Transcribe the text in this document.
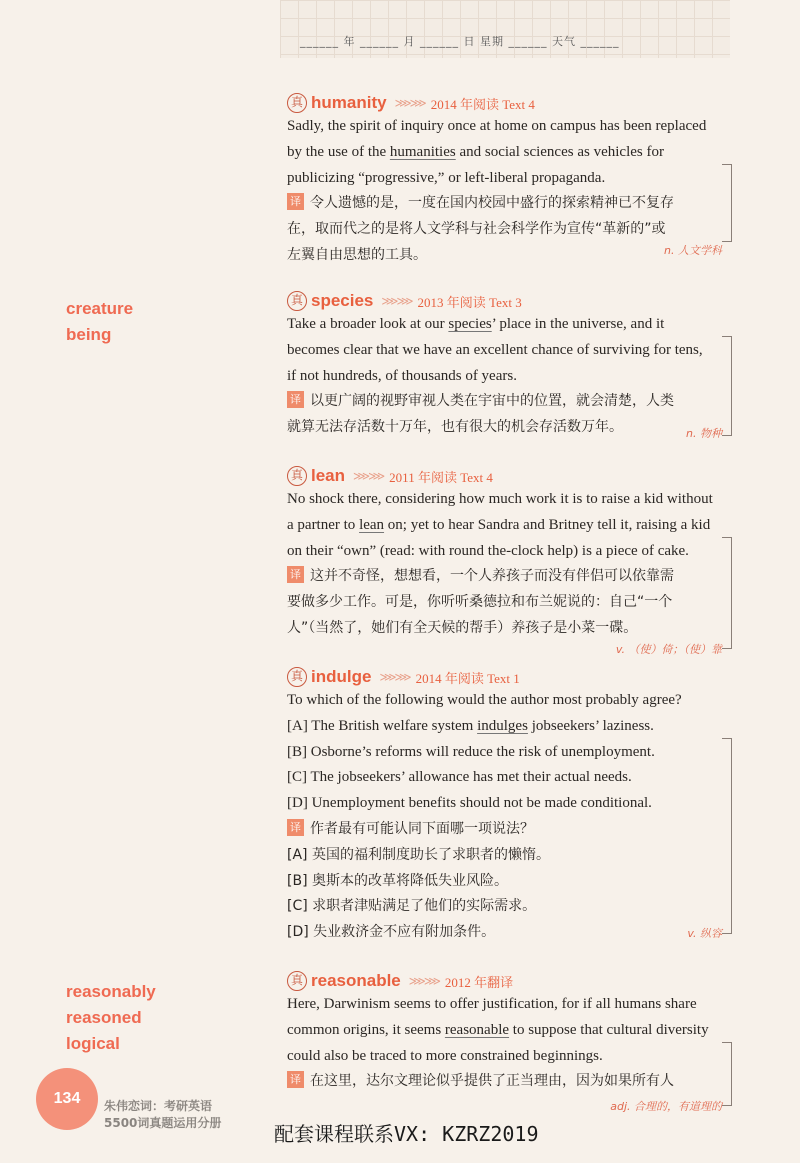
______ 年 ______ 月 ______ 日 星期 ______ 天气 ______
creature
being
reasonably
reasoned
logical
真 humanity ⋙⋙ 2014 年阅读 Text 4
Sadly, the spirit of inquiry once at home on campus has been replaced
by the use of the humanities and social sciences as vehicles for
publicizing “progressive,” or left-liberal propaganda.
译 令人遗憾的是，一度在国内校园中盛行的探索精神已不复存
在，取而代之的是将人文学科与社会科学作为宣传“革新的”或
左翼自由思想的工具。	n. 人文学科
真 species ⋙⋙ 2013 年阅读 Text 3
Take a broader look at our species’ place in the universe, and it
becomes clear that we have an excellent chance of surviving for tens,
if not hundreds, of thousands of years.
译 以更广阔的视野审视人类在宇宙中的位置，就会清楚，人类
就算无法存活数十万年，也有很大的机会存活数万年。	n. 物种
真 lean ⋙⋙ 2011 年阅读 Text 4
No shock there, considering how much work it is to raise a kid without
a partner to lean on; yet to hear Sandra and Britney tell it, raising a kid
on their “own” (read: with round the-clock help) is a piece of cake.
译 这并不奇怪，想想看，一个人养孩子而没有伴侣可以依靠需
要做多少工作。可是，你听听桑德拉和布兰妮说的：自己“一个
人”（当然了，她们有全天候的帮手）养孩子是小菜一碟。
v. （使）倚；（使）靠
真 indulge ⋙⋙ 2014 年阅读 Text 1
To which of the following would the author most probably agree?
[A] The British welfare system indulges jobseekers’ laziness.
[B] Osborne’s reforms will reduce the risk of unemployment.
[C] The jobseekers’ allowance has met their actual needs.
[D] Unemployment benefits should not be made conditional.
译 作者最有可能认同下面哪一项说法？
[A] 英国的福利制度助长了求职者的懒惰。
[B] 奥斯本的改革将降低失业风险。
[C] 求职者津贴满足了他们的实际需求。
[D] 失业救济金不应有附加条件。	v. 纵容
真 reasonable ⋙⋙ 2012 年翻译
Here, Darwinism seems to offer justification, for if all humans share
common origins, it seems reasonable to suppose that cultural diversity
could also be traced to more constrained beginnings.
译 在这里，达尔文理论似乎提供了正当理由，因为如果所有人
adj. 合理的，有道理的
134	朱伟恋词：考研英语
5500词真题运用分册	配套课程联系VX: KZRZ2019
